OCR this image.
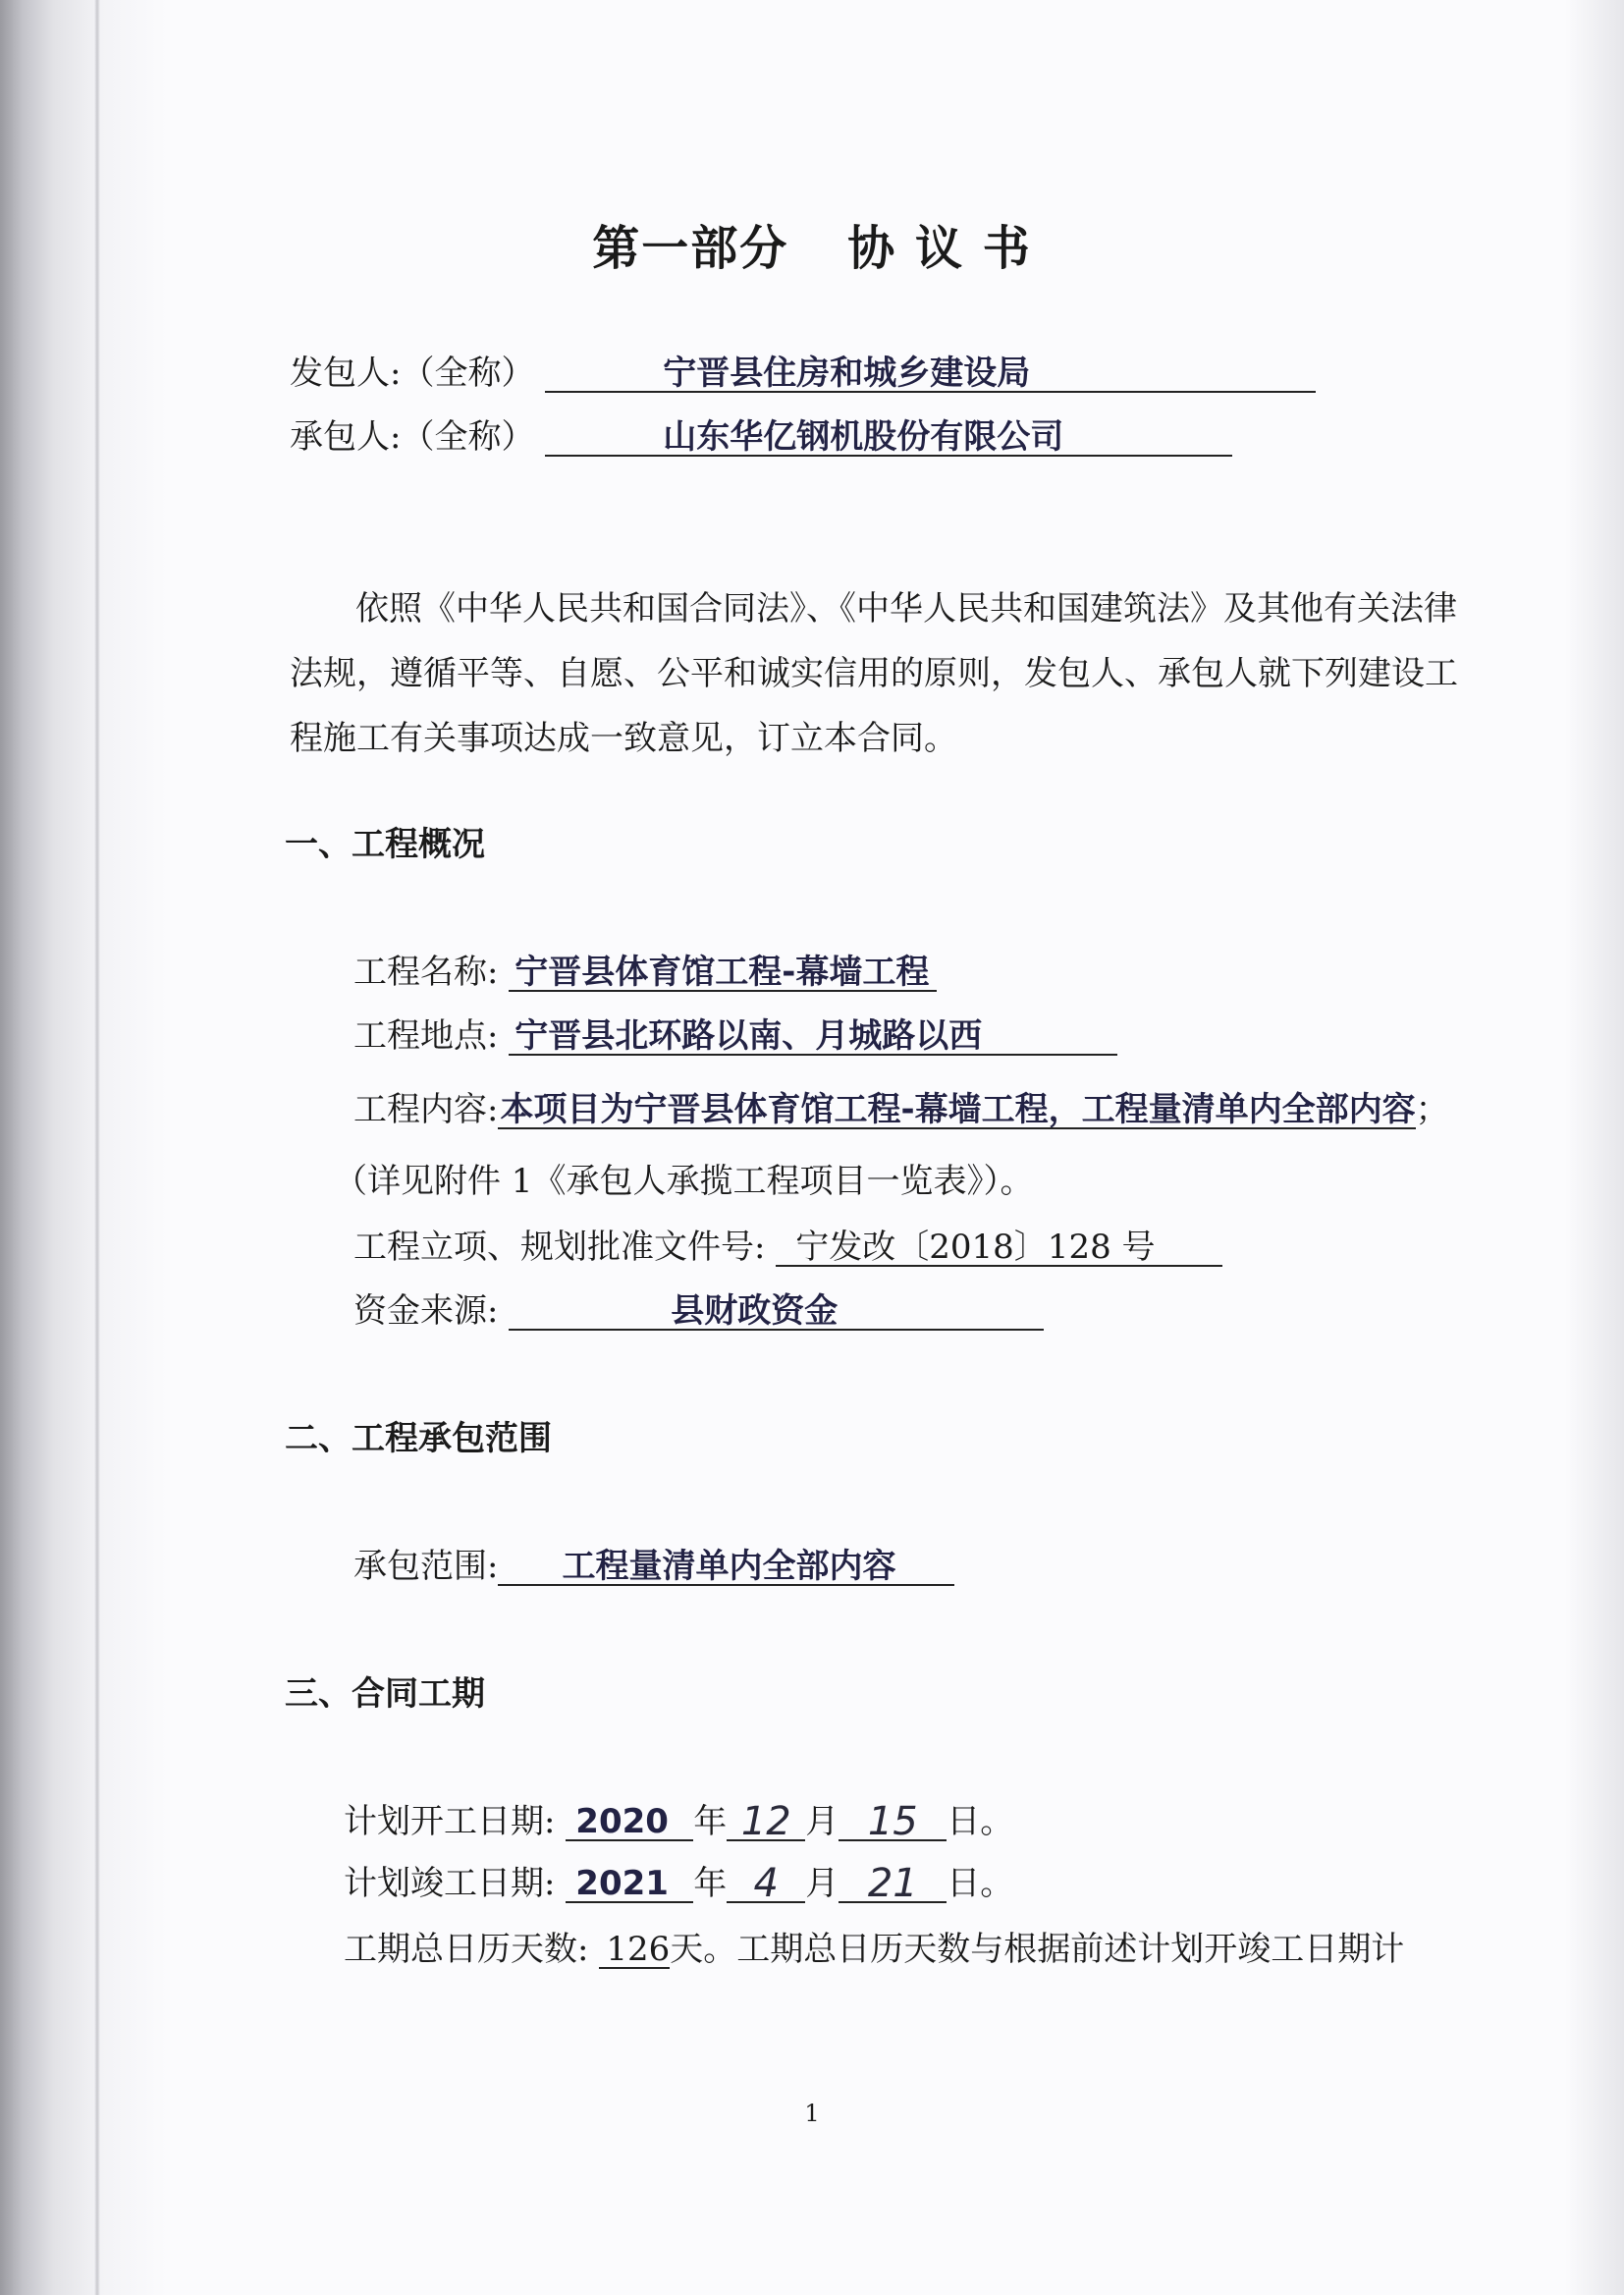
第一部分 协 议 书
发包人:（全称）	宁晋县住房和城乡建设局
承包人:（全称）	山东华亿钢机股份有限公司
依照《中华人民共和国合同法》、《中华人民共和国建筑法》及其他有关法律
法规，遵循平等、自愿、公平和诚实信用的原则，发包人、承包人就下列建设工
程施工有关事项达成一致意见，订立本合同。
一、工程概况
工程名称: 宁晋县体育馆工程-幕墙工程
工程地点: 宁晋县北环路以南、月城路以西
工程内容:本项目为宁晋县体育馆工程-幕墙工程，工程量清单内全部内容；
（详见附件 1《承包人承揽工程项目一览表》）。
工程立项、规划批准文件号: 宁发改〔2018〕128 号
资金来源:	县财政资金
二、工程承包范围
承包范围: 工程量清单内全部内容
三、合同工期
计划开工日期: 2020 年 12 月 15 日。
计划竣工日期: 2021 年 4 月 21 日。
工期总日历天数: 126天。工期总日历天数与根据前述计划开竣工日期计
1
